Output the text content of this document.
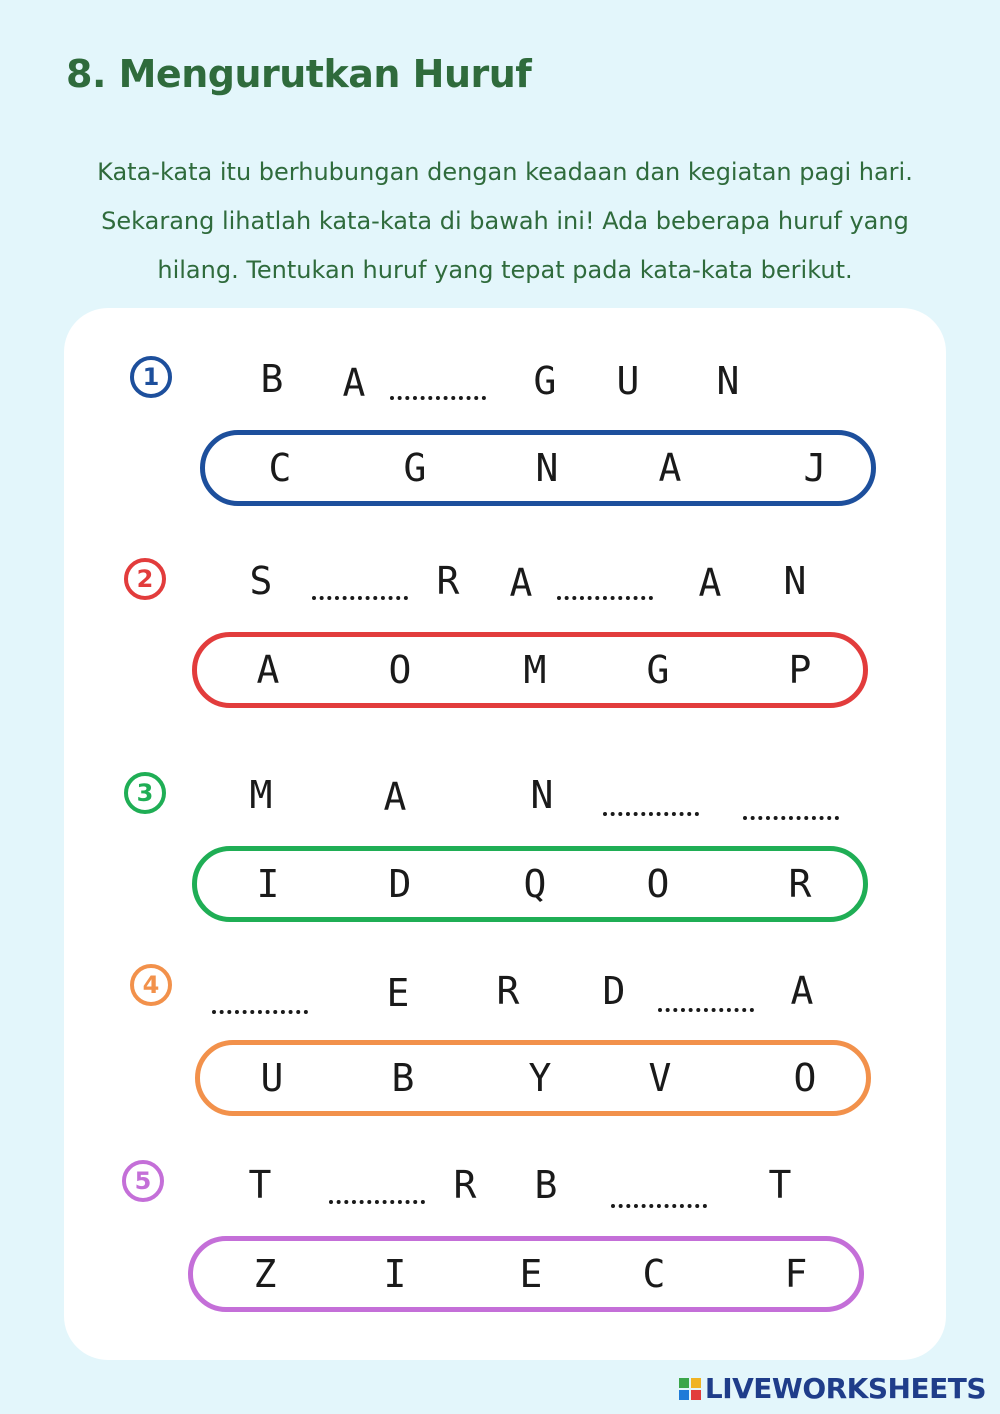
8. Mengurutkan Huruf

Kata-kata itu berhubungan dengan keadaan dan kegiatan pagi hari.

Sekarang lihatlah kata-kata di bawah ini! Ada beberapa huruf yang

hilang. Tentukan huruf yang tepat pada kata-kata berikut.

1	B A	G U N
C	G	N	A	J
2	S	R A	A N
A	O	M	G	P
3	M	A	N
I	D	Q	O	R
4	E R D	A
U	B	Y	V	O
5	T	R B	T
Z	I	E	C	F
LIVEWORKSHEETS
